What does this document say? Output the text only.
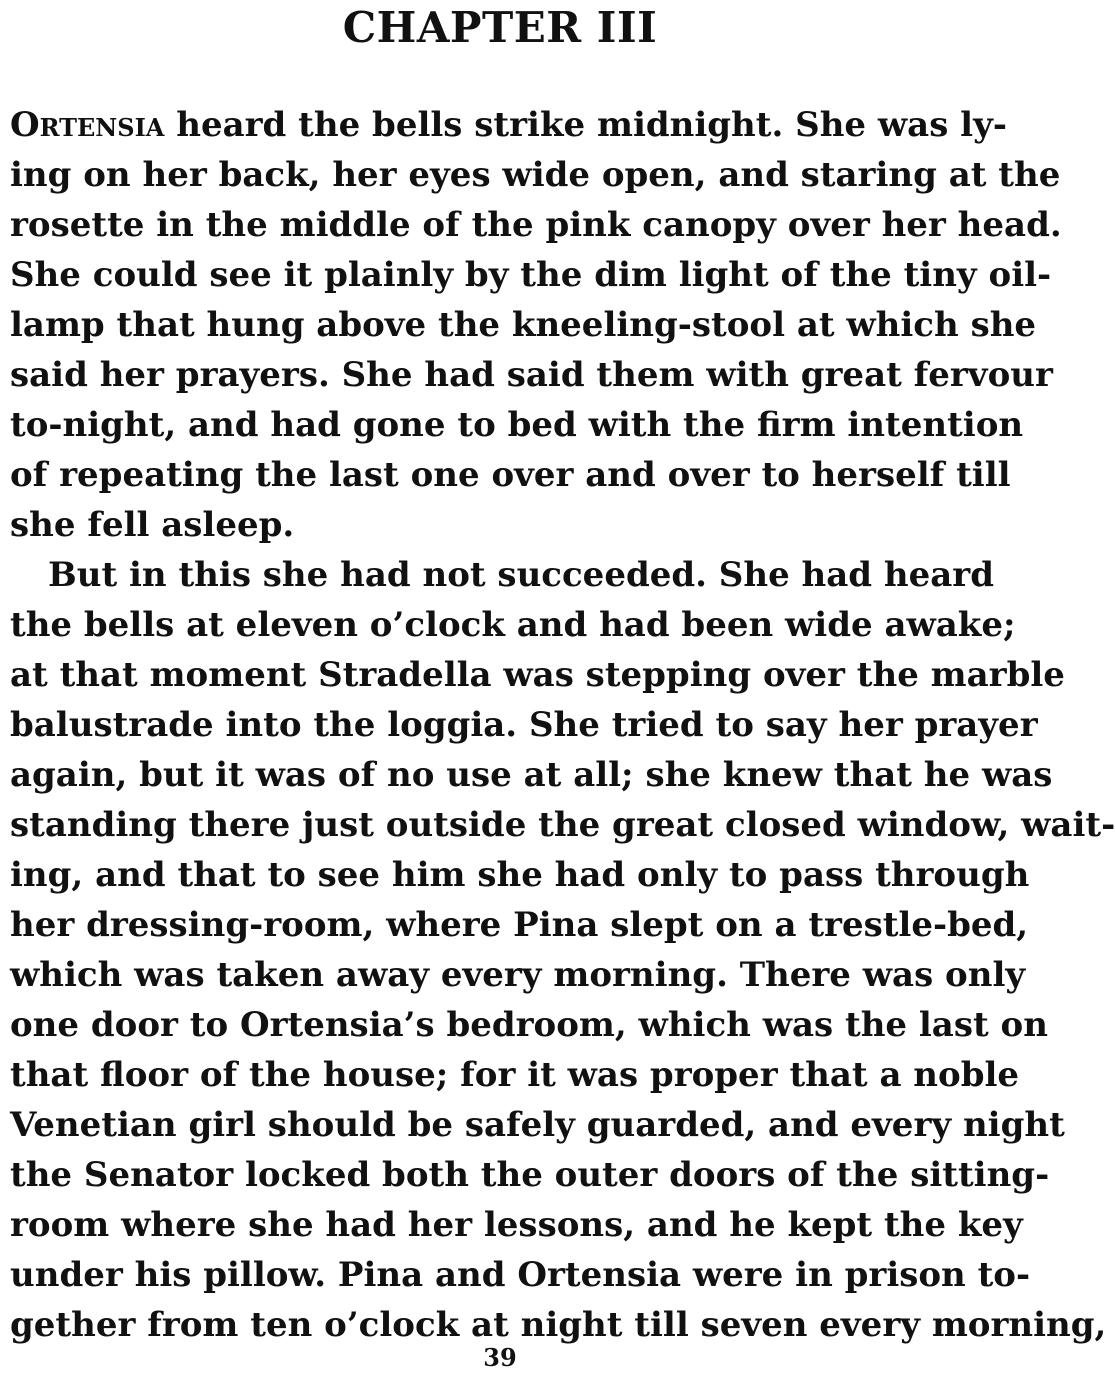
CHAPTER III
Ortensia heard the bells strike midnight. She was ly-
ing on her back, her eyes wide open, and staring at the
rosette in the middle of the pink canopy over her head.
She could see it plainly by the dim light of the tiny oil-
lamp that hung above the kneeling-stool at which she
said her prayers. She had said them with great fervour
to-night, and had gone to bed with the firm intention
of repeating the last one over and over to herself till
she fell asleep.
But in this she had not succeeded. She had heard
the bells at eleven o’clock and had been wide awake;
at that moment Stradella was stepping over the marble
balustrade into the loggia. She tried to say her prayer
again, but it was of no use at all; she knew that he was
standing there just outside the great closed window, wait-
ing, and that to see him she had only to pass through
her dressing-room, where Pina slept on a trestle-bed,
which was taken away every morning. There was only
one door to Ortensia’s bedroom, which was the last on
that floor of the house; for it was proper that a noble
Venetian girl should be safely guarded, and every night
the Senator locked both the outer doors of the sitting-
room where she had her lessons, and he kept the key
under his pillow. Pina and Ortensia were in prison to-
gether from ten o’clock at night till seven every morning,
39
